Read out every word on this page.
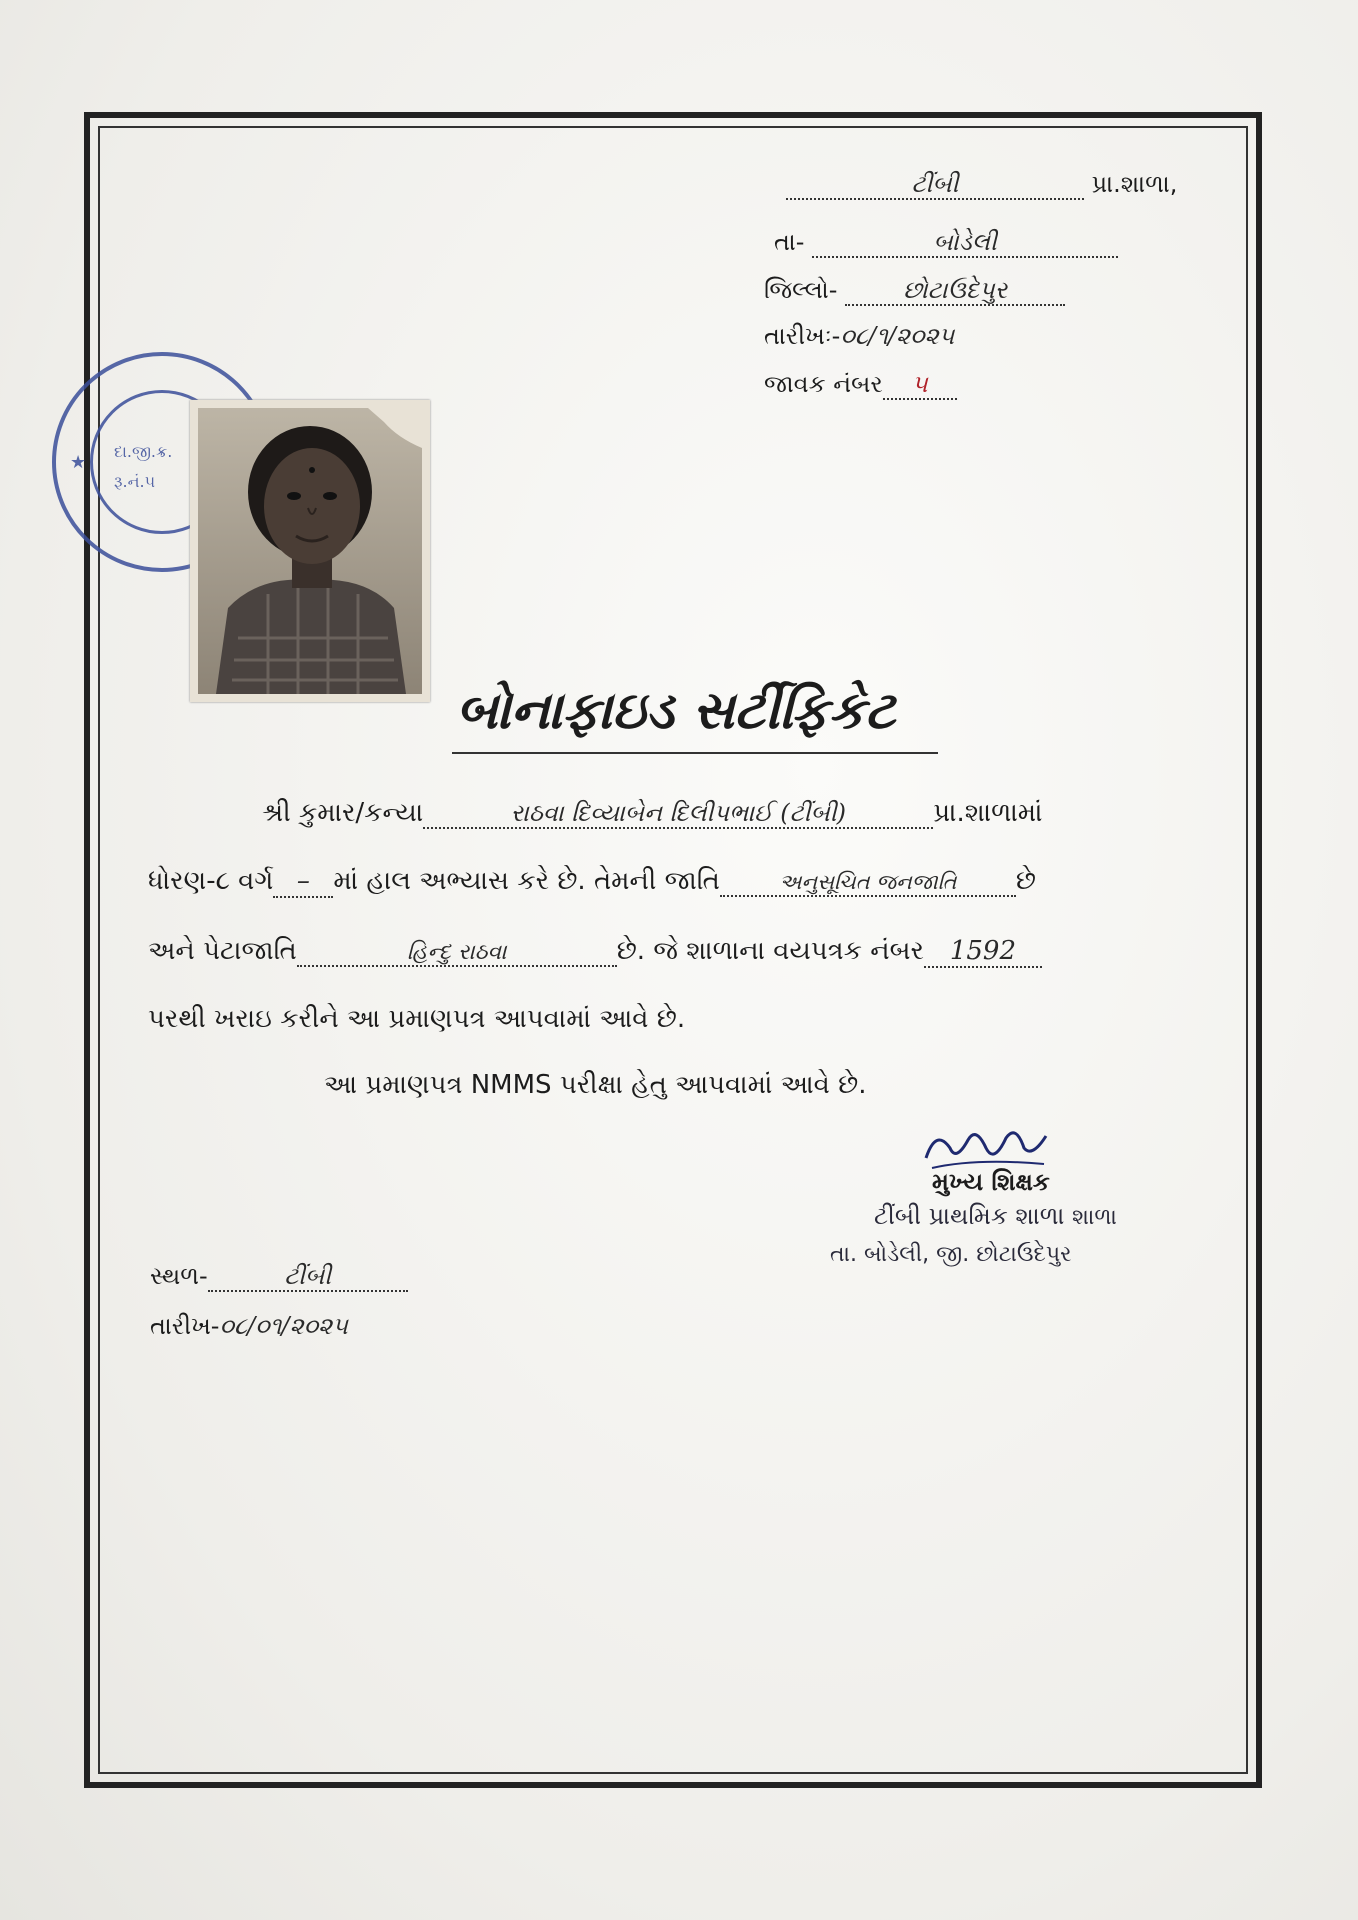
ટીંબી	પ્રા.શાળા,
તા-	બોડેલી
જિલ્લો-	છોટાઉદેપુર
તારીખઃ-૦૮/૧/૨૦૨૫
જાવક નંબર ૫
★
દા.જી.ક્ર.
રૂ.નં.૫
બોનાફાઇડ સર્ટીફિકેટ
શ્રી કુમાર/કન્યા	રાઠવા દિવ્યાબેન દિલીપભાઈ (ટીંબી)	પ્રા.શાળામાં
ધોરણ-૮ વર્ગ – માં હાલ અભ્યાસ કરે છે. તેમની જાતિ	અનુસૂચિત જનજાતિ છે
અને પેટાજાતિ	હિન્દુ રાઠવા	છે. જે શાળાના વયપત્રક નંબર 1592
પરથી ખરાઇ કરીને આ પ્રમાણપત્ર આપવામાં આવે છે.
આ પ્રમાણપત્ર NMMS પરીક્ષા હેતુ આપવામાં આવે છે.
મુખ્ય શિક્ષક
ટીંબી પ્રાથમિક શાળા શાળા
તા. બોડેલી, જી. છોટાઉદેપુર
સ્થળ-	ટીંબી
તારીખ-૦૮/૦૧/૨૦૨૫
